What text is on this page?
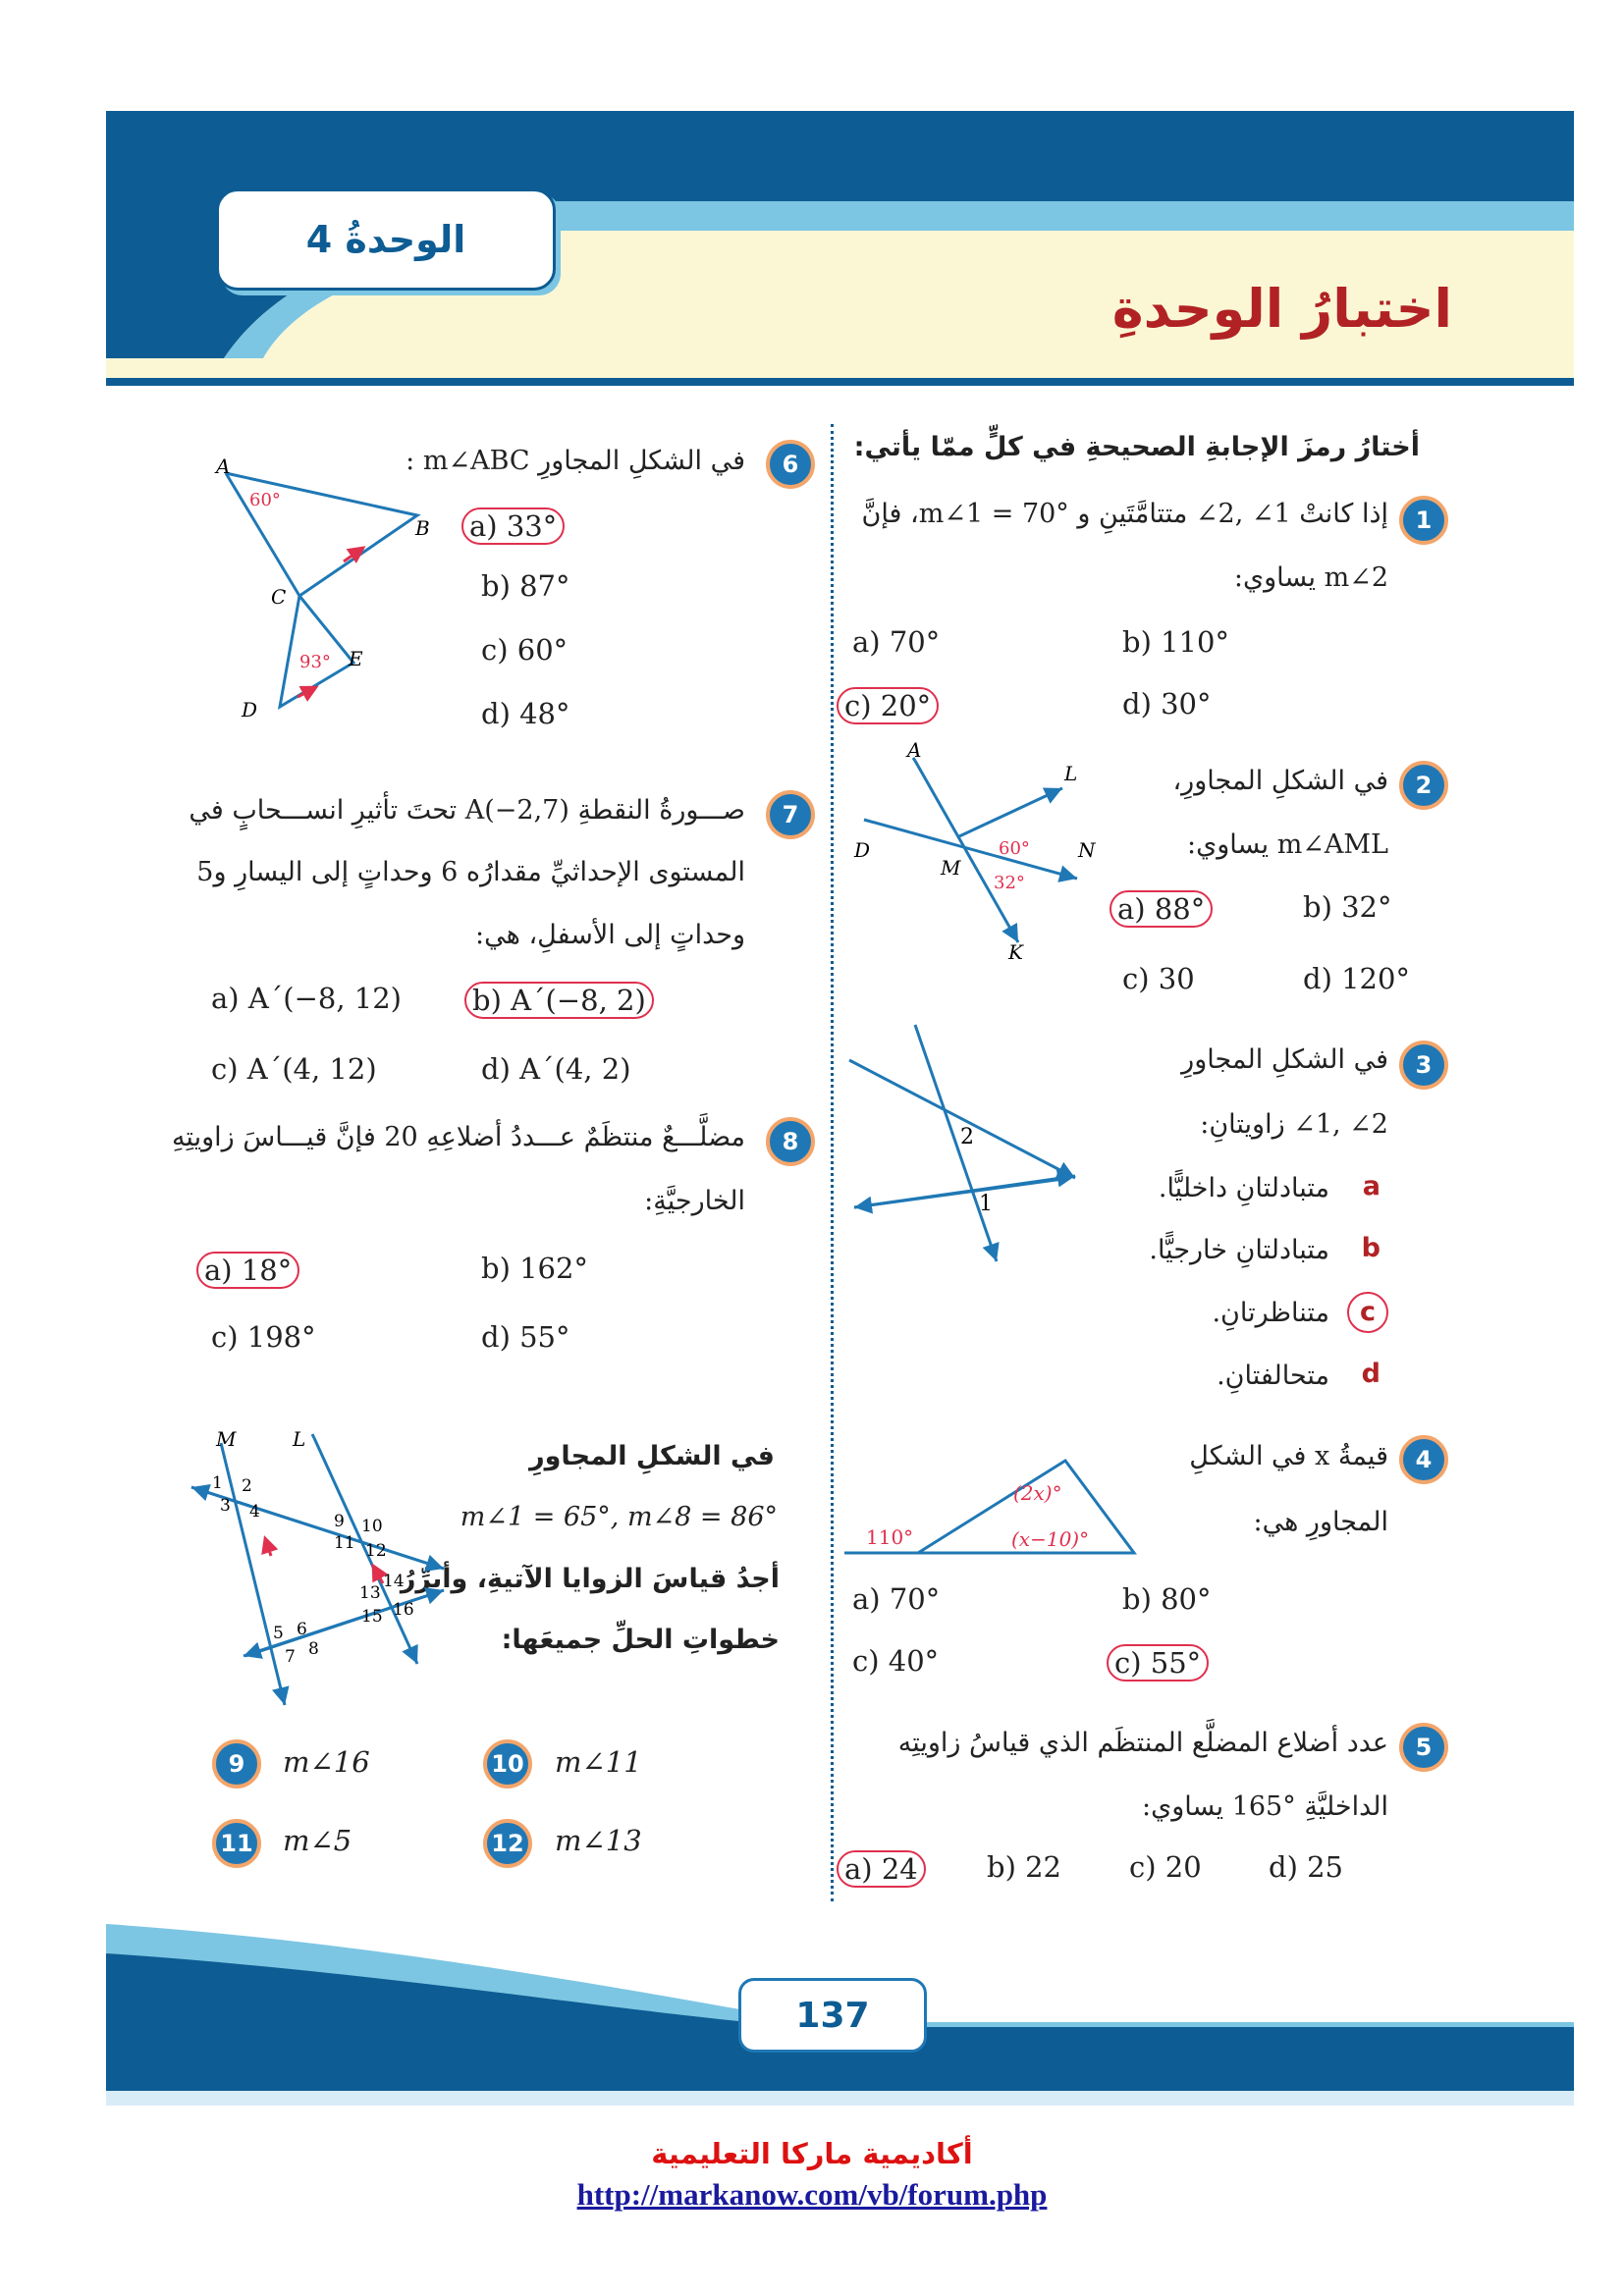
الوحدةُ 4
اختبارُ الوحدةِ
أختارُ رمزَ الإجابةِ الصحيحةِ في كلٍّ ممّا يأتي:
1
إذا كانتْ ‎∠2, ∠1‎ متتامَّتَينِ و ‎m∠1 = 70°‎، فإنَّ
‎m∠2‎ يساوي:
a) 70°	b) 110°
c) 20°	d) 30°
2
في الشكلِ المجاورِ،
‎m∠AML‎ يساوي:
A
L
D
M
N
K
60°
32°
a) 88°	b) 32°
c) 30	d) 120°
3
في الشكلِ المجاورِ
‎∠1, ∠2‎ زاويتانِ:
2
1
متبادلتانِ داخليًّا. a
متبادلتانِ خارجيًّا. b
متناظرتانِ.	c
متحالفتانِ. d
4
قيمةُ ‎x‎ في الشكلِ
المجاورِ هي:
110°
(2x)°
(x−10)°
a) 70°	b) 80°
c) 40°	c) 55°
5
عدد أضلاع المضلَّع المنتظَم الذي قياسُ زاويتِه
الداخليَّةِ ‎165°‎ يساوي:
a) 24 b) 22 c) 20 d) 25
6
في الشكلِ المجاورِ ‎m∠ABC‎ :
A
B
C
D
E
60°
93°
a) 33°
b) 87°
c) 60°
d) 48°
7
صـــورةُ النقطةِ ‎A(−2,7)‎ تحتَ تأثيرِ انســـحابٍ في
المستوى الإحداثيِّ مقدارُه 6 وحداتٍ إلى اليسارِ و5
وحداتٍ إلى الأسفلِ، هي:
a) A´(−8, 12) b) A´(−8, 2)
c) A´(4, 12)	d) A´(4, 2)
8
مضلَّـــعٌ منتظَمٌ عـــددُ أضلاعِهِ 20 فإنَّ قيـــاسَ زاويتِهِ
الخارجيَّةِ:
a) 18°	b) 162°
c) 198°	d) 55°
في الشكلِ المجاورِ
m∠1 = 65°, m∠8 = 86°
أجدُ قياسَ الزوايا الآتيةِ، وأبرِّرُ
خطواتِ الحلِّ جميعَها:
M	L
1 2
3 4	9 10
11 12
14
13
15 16
5 6
7 8
9	m∠16	10 m∠11
11 m∠5	12 m∠13
137
أكاديمية ماركا التعليمية
http://markanow.com/vb/forum.php
